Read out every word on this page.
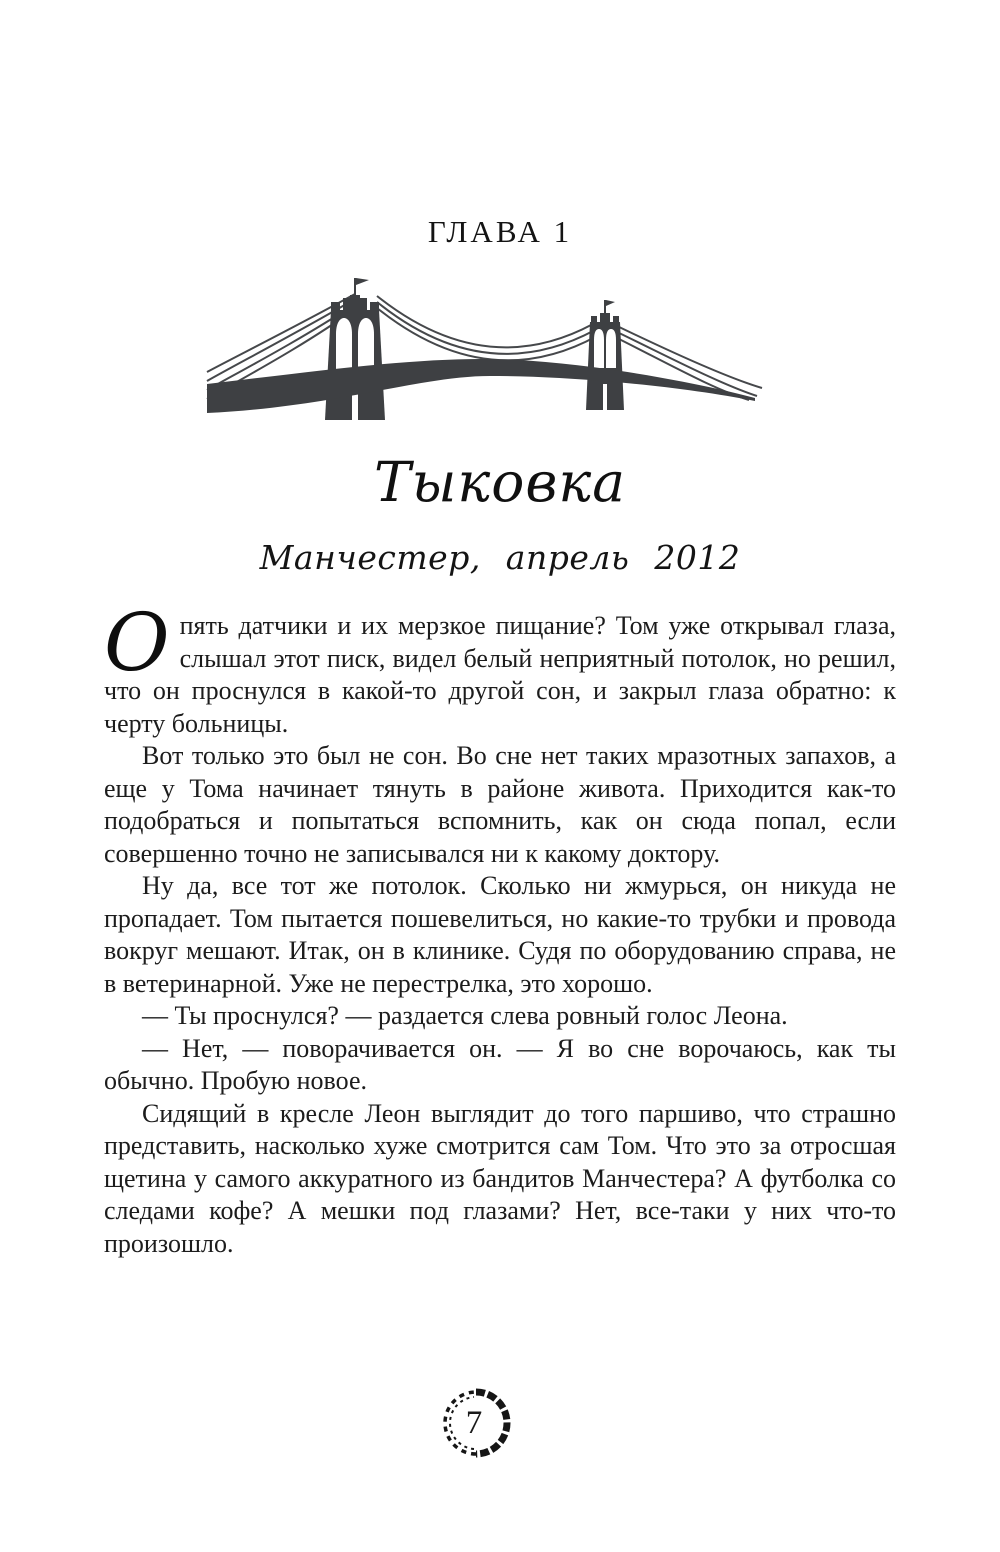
ГЛАВА 1
Тыковка
Манчестер, апрель 2012

Опять датчики и их мерзкое пищание? Том уже открывал глаза, слышал этот писк, видел белый неприятный потолок, но решил, что он проснулся в какой-то другой сон, и закрыл глаза обратно: к черту больницы.

Вот только это был не сон. Во сне нет таких мразотных запахов, а еще у Тома начинает тянуть в районе живота. Приходится как-то подобраться и попытаться вспомнить, как он сюда попал, если совершенно точно не записывался ни к какому доктору.

Ну да, все тот же потолок. Сколько ни жмурься, он никуда не пропадает. Том пытается пошевелиться, но какие-то трубки и провода вокруг мешают. Итак, он в клинике. Судя по оборудованию справа, не в ветеринарной. Уже не перестрелка, это хорошо.

— Ты проснулся? — раздается слева ровный голос Леона.

— Нет, — поворачивается он. — Я во сне ворочаюсь, как ты обычно. Пробую новое.

Сидящий в кресле Леон выглядит до того паршиво, что страшно представить, насколько хуже смотрится сам Том. Что это за отросшая щетина у самого аккуратного из бандитов Манчестера? А футболка со следами кофе? А мешки под глазами? Нет, все-таки у них что-то произошло.

7
